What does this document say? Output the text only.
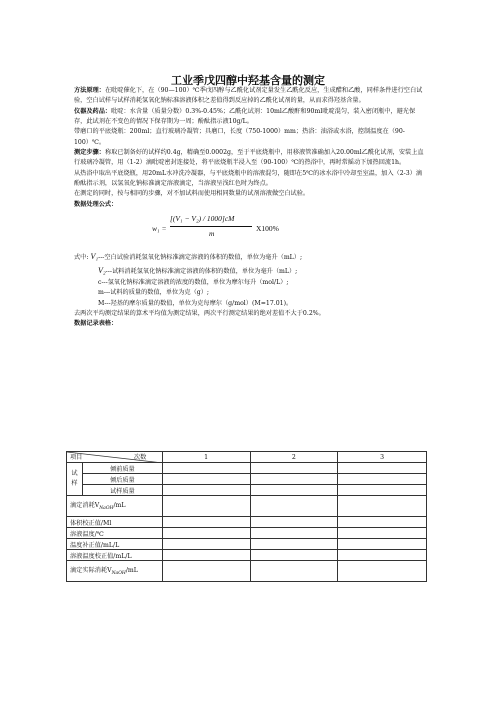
工业季戊四醇中羟基含量的测定

方法原理：在吡啶催化下，在（90—100）℃季戊四醇与乙酰化试剂定量发生乙酰化反应，生成醋和乙酸，同样条件进行空白试验，空白试样与试样消耗氢氧化钠标准溶液体积之差值得到反应掉的乙酰化试剂的量，从而求得羟基含量。

仪器及药品：吡啶：水含量（质量分数）0.3%-0.45%；乙酰化试剂：10ml乙酸酐和90ml吡啶混匀，装入密闭瓶中，避光保存，此试剂在不变色的情况下保存期为一周；酚酞指示液10g/L。

带磨口的平底烧瓶：200ml；直行玻璃冷凝管；具磨口，长度（750-1000）mm；热浴：油浴或水浴，控制温度在（90-100）℃。

测定步骤：称取已制备好的试样约0.4g，精确至0.0002g，至于平底烧瓶中，用移液管准确加入20.00ml乙酰化试剂，安装上直行玻璃冷凝管，用（1-2）滴吡啶密封连接处，将平底烧瓶半浸入至（90-100）℃的热浴中，再时常摇动下加热回流1h。

从热浴中取出平底烧瓶，用20mL水冲洗冷凝器，与平底烧瓶中的溶液混匀，随即在5℃的冰水浴中冷却至室温，加入（2-3）滴酚酞指示剂，以氢氧化钠标准滴定溶液滴定，当溶液呈浅红色时为终点。

在测定的同时，按与相同的步骤，对不加试料而使用相同数量的试剂溶液做空白试验。

数据处理公式：

w₁ =
[(V₁ − V₂) / 1000]cM
m
X100%

式中: V₁---空白试验消耗氢氧化钠标准滴定溶液的体积的数值，单位为毫升（mL）;

V₂---试料消耗氢氧化钠标准滴定溶液的体积的数值，单位为毫升（mL）;

c---氢氧化钠标准滴定溶液的浓度的数值，单位为摩尔每升（mol/L）;

m---试料的质量的数值，单位为克（g）;

M---羟基的摩尔质量的数值，单位为克每摩尔（g/mol）(M=17.01)。

去两次平均测定结果的算术平均值为测定结果，两次平行测定结果的绝对差值不大于0.2%。

数据记录表格：

项目 次数		1	2	3
试样	倾前质量			
	倾后质量			
	试样质量			
滴定消耗$V_{NaOH}/mL$				
体积校正值/Ml				
溶液温度/℃				
温度补正值/mL/L				
溶液温度校正值/mL/L				
滴定实际消耗$V_{NaOH}/mL$				
